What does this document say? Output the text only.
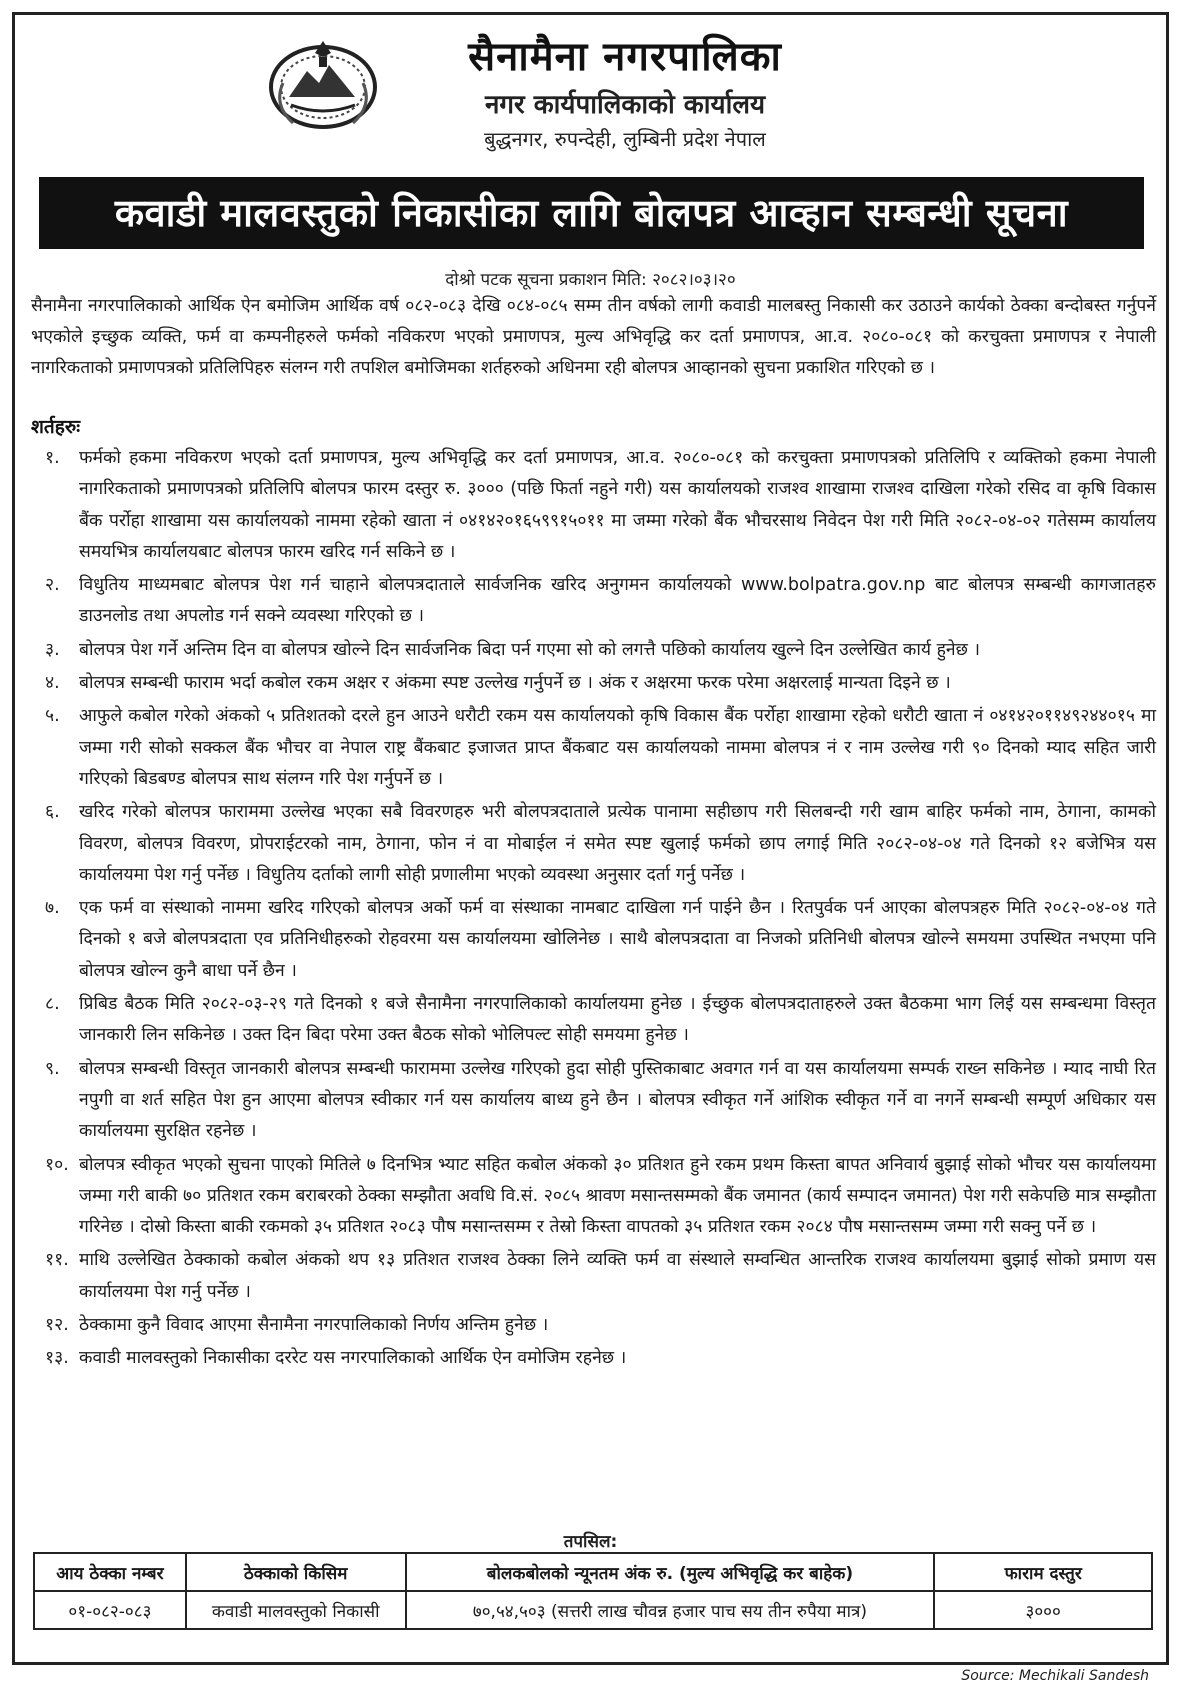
सैनामैना नगरपालिका
नगर कार्यपालिकाको कार्यालय
बुद्धनगर, रुपन्देही, लुम्बिनी प्रदेश नेपाल
कवाडी मालवस्तुको निकासीका लागि बोलपत्र आव्हान सम्बन्धी सूचना
दोश्रो पटक सूचना प्रकाशन मिति: २०८२।०३।२०

सैनामैना नगरपालिकाको आर्थिक ऐन बमोजिम आर्थिक वर्ष ०८२-०८३ देखि ०८४-०८५ सम्म तीन वर्षको लागी कवाडी मालबस्तु निकासी कर उठाउने कार्यको ठेक्का बन्दोबस्त गर्नुपर्ने भएकोले इच्छुक व्यक्ति, फर्म वा कम्पनीहरुले फर्मको नविकरण भएको प्रमाणपत्र, मुल्य अभिवृद्धि कर दर्ता प्रमाणपत्र, आ.व. २०८०-०८१ को करचुक्ता प्रमाणपत्र र नेपाली नागरिकताको प्रमाणपत्रको प्रतिलिपिहरु संलग्न गरी तपशिल बमोजिमका शर्तहरुको अधिनमा रही बोलपत्र आव्हानको सुचना प्रकाशित गरिएको छ ।

शर्तहरुः
१.	फर्मको हकमा नविकरण भएको दर्ता प्रमाणपत्र, मुल्य अभिवृद्धि कर दर्ता प्रमाणपत्र, आ.व. २०८०-०८१ को करचुक्ता प्रमाणपत्रको प्रतिलिपि र व्यक्तिको हकमा नेपाली नागरिकताको प्रमाणपत्रको प्रतिलिपि बोलपत्र फारम दस्तुर रु. ३००० (पछि फिर्ता नहुने गरी) यस कार्यालयको राजश्व शाखामा राजश्व दाखिला गरेको रसिद वा कृषि विकास बैंक पर्रोहा शाखामा यस कार्यालयको नाममा रहेको खाता नं ०४१४२०१६५९९१५०११ मा जम्मा गरेको बैंक भौचरसाथ निवेदन पेश गरी मिति २०८२-०४-०२ गतेसम्म कार्यालय समयभित्र कार्यालयबाट बोलपत्र फारम खरिद गर्न सकिने छ ।
२.	विधुतिय माध्यमबाट बोलपत्र पेश गर्न चाहाने बोलपत्रदाताले सार्वजनिक खरिद अनुगमन कार्यालयको www.bolpatra.gov.np बाट बोलपत्र सम्बन्धी कागजातहरु डाउनलोड तथा अपलोड गर्न सक्ने व्यवस्था गरिएको छ ।
३.	बोलपत्र पेश गर्ने अन्तिम दिन वा बोलपत्र खोल्ने दिन सार्वजनिक बिदा पर्न गएमा सो को लगत्तै पछिको कार्यालय खुल्ने दिन उल्लेखित कार्य हुनेछ ।
४.	बोलपत्र सम्बन्धी फाराम भर्दा कबोल रकम अक्षर र अंकमा स्पष्ट उल्लेख गर्नुपर्ने छ । अंक र अक्षरमा फरक परेमा अक्षरलाई मान्यता दिइने छ ।
५.	आफुले कबोल गरेको अंकको ५ प्रतिशतको दरले हुन आउने धरौटी रकम यस कार्यालयको कृषि विकास बैंक पर्रोहा शाखामा रहेको धरौटी खाता नं ०४१४२०११४९२४४०१५ मा जम्मा गरी सोको सक्कल बैंक भौचर वा नेपाल राष्ट्र बैंकबाट इजाजत प्राप्त बैंकबाट यस कार्यालयको नाममा बोलपत्र नं र नाम उल्लेख गरी ९० दिनको म्याद सहित जारी गरिएको बिडबण्ड बोलपत्र साथ संलग्न गरि पेश गर्नुपर्ने छ ।
६.	खरिद गरेको बोलपत्र फाराममा उल्लेख भएका सबै विवरणहरु भरी बोलपत्रदाताले प्रत्येक पानामा सहीछाप गरी सिलबन्दी गरी खाम बाहिर फर्मको नाम, ठेगाना, कामको विवरण, बोलपत्र विवरण, प्रोपराईटरको नाम, ठेगाना, फोन नं वा मोबाईल नं समेत स्पष्ट खुलाई फर्मको छाप लगाई मिति २०८२-०४-०४ गते दिनको १२ बजेभित्र यस कार्यालयमा पेश गर्नु पर्नेछ । विधुतिय दर्ताको लागी सोही प्रणालीमा भएको व्यवस्था अनुसार दर्ता गर्नु पर्नेछ ।
७.	एक फर्म वा संस्थाको नाममा खरिद गरिएको बोलपत्र अर्को फर्म वा संस्थाका नामबाट दाखिला गर्न पाईने छैन । रितपुर्वक पर्न आएका बोलपत्रहरु मिति २०८२-०४-०४ गते दिनको १ बजे बोलपत्रदाता एव प्रतिनिधीहरुको रोहवरमा यस कार्यालयमा खोलिनेछ । साथै बोलपत्रदाता वा निजको प्रतिनिधी बोलपत्र खोल्ने समयमा उपस्थित नभएमा पनि बोलपत्र खोल्न कुनै बाधा पर्ने छैन ।
८.	प्रिबिड बैठक मिति २०८२-०३-२९ गते दिनको १ बजे सैनामैना नगरपालिकाको कार्यालयमा हुनेछ । ईच्छुक बोलपत्रदाताहरुले उक्त बैठकमा भाग लिई यस सम्बन्धमा विस्तृत जानकारी लिन सकिनेछ । उक्त दिन बिदा परेमा उक्त बैठक सोको भोलिपल्ट सोही समयमा हुनेछ ।
९.	बोलपत्र सम्बन्धी विस्तृत जानकारी बोलपत्र सम्बन्धी फाराममा उल्लेख गरिएको हुदा सोही पुस्तिकाबाट अवगत गर्न वा यस कार्यालयमा सम्पर्क राख्न सकिनेछ । म्याद नाघी रित नपुगी वा शर्त सहित पेश हुन आएमा बोलपत्र स्वीकार गर्न यस कार्यालय बाध्य हुने छैन । बोलपत्र स्वीकृत गर्ने आंशिक स्वीकृत गर्ने वा नगर्ने सम्बन्धी सम्पूर्ण अधिकार यस कार्यालयमा सुरक्षित रहनेछ ।
१०. बोलपत्र स्वीकृत भएको सुचना पाएको मितिले ७ दिनभित्र भ्याट सहित कबोल अंकको ३० प्रतिशत हुने रकम प्रथम किस्ता बापत अनिवार्य बुझाई सोको भौचर यस कार्यालयमा जम्मा गरी बाकी ७० प्रतिशत रकम बराबरको ठेक्का सम्झौता अवधि वि.सं. २०८५ श्रावण मसान्तसम्मको बैंक जमानत (कार्य सम्पादन जमानत) पेश गरी सकेपछि मात्र सम्झौता गरिनेछ । दोस्रो किस्ता बाकी रकमको ३५ प्रतिशत २०८३ पौष मसान्तसम्म र तेस्रो किस्ता वापतको ३५ प्रतिशत रकम २०८४ पौष मसान्तसम्म जम्मा गरी सक्नु पर्ने छ ।
११. माथि उल्लेखित ठेक्काको कबोल अंकको थप १३ प्रतिशत राजश्व ठेक्का लिने व्यक्ति फर्म वा संस्थाले सम्वन्धित आन्तरिक राजश्व कार्यालयमा बुझाई सोको प्रमाण यस कार्यालयमा पेश गर्नु पर्नेछ ।
१२. ठेक्कामा कुनै विवाद आएमा सैनामैना नगरपालिकाको निर्णय अन्तिम हुनेछ ।
१३. कवाडी मालवस्तुको निकासीका दररेट यस नगरपालिकाको आर्थिक ऐन वमोजिम रहनेछ ।
तपसिल:
आय ठेक्का नम्बर	ठेक्काको किसिम	बोलकबोलको न्यूनतम अंक रु. (मुल्य अभिवृद्धि कर बाहेक)	फाराम दस्तुर
०१-०८२-०८३	कवाडी मालवस्तुको निकासी	७०,५४,५०३ (सत्तरी लाख चौवन्न हजार पाच सय तीन रुपैया मात्र)	३०००
Source: Mechikali Sandesh
